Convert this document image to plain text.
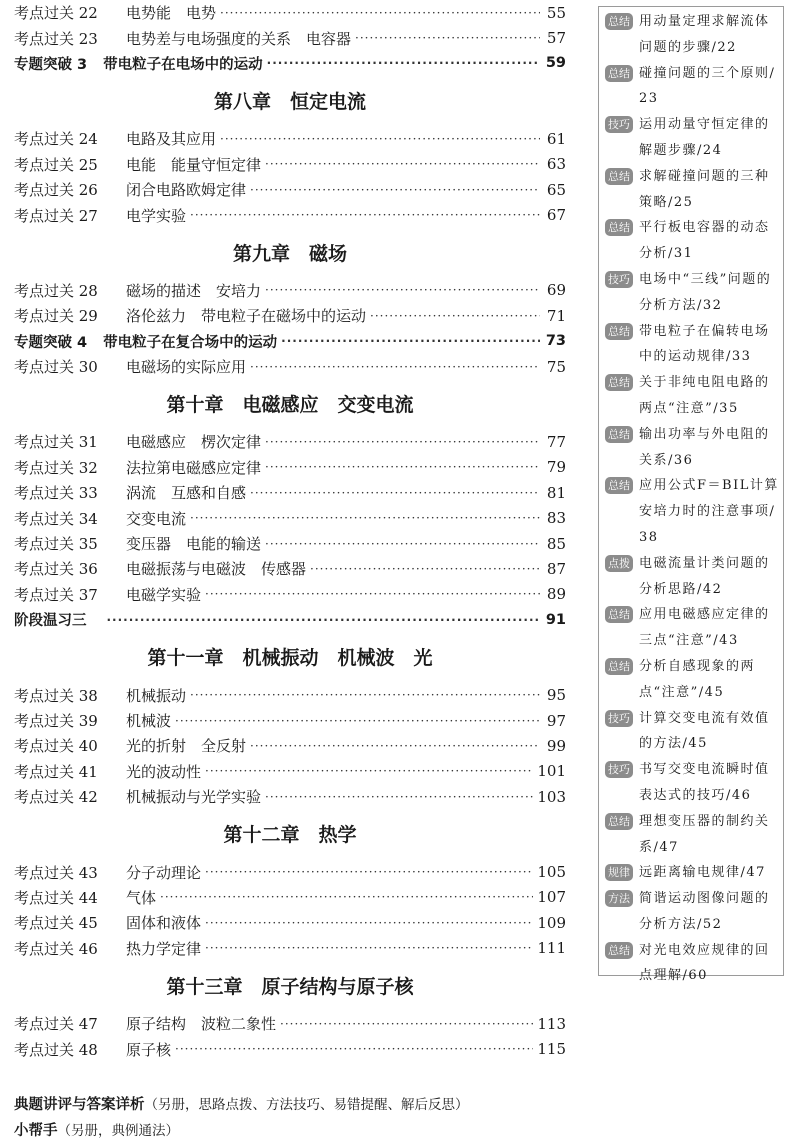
考点过关 22	电势能　电势 ·····	55
考点过关 23	电势差与电场强度的关系　电容器 ·····	57
专题突破 3	带电粒子在电场中的运动 ·····	59
第八章　恒定电流
考点过关 24	电路及其应用 ·····	61
考点过关 25	电能　能量守恒定律 ·····	63
考点过关 26	闭合电路欧姆定律 ·····	65
考点过关 27	电学实验 ·····	67
第九章　磁场
考点过关 28	磁场的描述　安培力 ·····	69
考点过关 29	洛伦兹力　带电粒子在磁场中的运动 ·····	71
专题突破 4	带电粒子在复合场中的运动 ·····	73
考点过关 30	电磁场的实际应用 ·····	75
第十章　电磁感应　交变电流
考点过关 31	电磁感应　楞次定律 ·····	77
考点过关 32	法拉第电磁感应定律 ·····	79
考点过关 33	涡流　互感和自感 ·····	81
考点过关 34	交变电流 ·····	83
考点过关 35	变压器　电能的输送 ·····	85
考点过关 36	电磁振荡与电磁波　传感器 ·····	87
考点过关 37	电磁学实验 ·····	89
阶段温习三 ·····	91
第十一章　机械振动　机械波　光
考点过关 38	机械振动 ·····	95
考点过关 39	机械波 ·····	97
考点过关 40	光的折射　全反射 ·····	99
考点过关 41	光的波动性 ·····	101
考点过关 42	机械振动与光学实验 ·····	103
第十二章　热学
考点过关 43	分子动理论 ·····	105
考点过关 44	气体 ·····	107
考点过关 45	固体和液体 ·····	109
考点过关 46	热力学定律 ·····	111
第十三章　原子结构与原子核
考点过关 47	原子结构　波粒二象性 ·····	113
考点过关 48	原子核 ·····	115
典题讲评与答案详析（另册，思路点拨、方法技巧、易错提醒、解后反思）
小帮手（另册，典例通法）
总结 用动量定理求解流体问题的步骤/22
总结 碰撞问题的三个原则/23
技巧 运用动量守恒定律的解题步骤/24
总结 求解碰撞问题的三种策略/25
总结 平行板电容器的动态分析/31
技巧 电场中“三线”问题的分析方法/32
总结 带电粒子在偏转电场中的运动规律/33
总结 关于非纯电阻电路的两点“注意”/35
总结 输出功率与外电阻的关系/36
总结 应用公式F＝BIL计算安培力时的注意事项/38
点拨 电磁流量计类问题的分析思路/42
总结 应用电磁感应定律的三点“注意”/43
总结 分析自感现象的两点“注意”/45
技巧 计算交变电流有效值的方法/45
技巧 书写交变电流瞬时值表达式的技巧/46
总结 理想变压器的制约关系/47
规律 远距离输电规律/47
方法 简谐运动图像问题的分析方法/52
总结 对光电效应规律的回点理解/60
